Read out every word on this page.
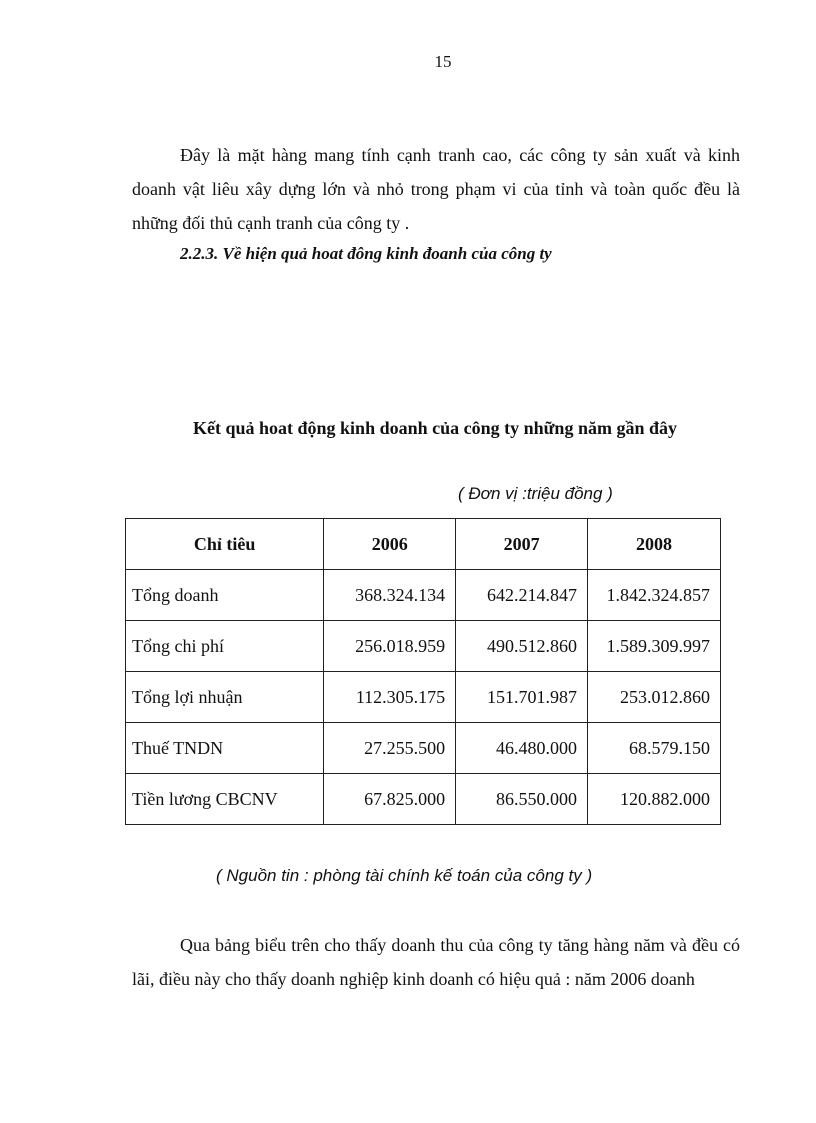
15

Đây là mặt hàng mang tính cạnh tranh cao, các công ty sản xuất và kinh doanh vật liêu xây dựng lớn và nhỏ trong phạm vi của tỉnh và toàn quốc đều là những đối thủ cạnh tranh của công ty .

2.2.3. Về hiện quả hoat đông kinh đoanh của công ty

Kết quả hoat động kinh doanh của công ty những năm gần đây

( Đơn vị :triệu đồng )
Chỉ tiêu	2006	2007	2008
Tổng doanh	368.324.134	642.214.847	1.842.324.857
Tổng chi phí	256.018.959	490.512.860	1.589.309.997
Tổng lợi nhuận	112.305.175	151.701.987	253.012.860
Thuế TNDN	27.255.500	46.480.000	68.579.150
Tiền lương CBCNV	67.825.000	86.550.000	120.882.000
( Nguồn tin : phòng tài chính kế toán của công ty )

Qua bảng biểu trên cho thấy doanh thu của công ty tăng hàng năm và đều có lãi, điều này cho thấy doanh nghiệp kinh doanh có hiệu quả : năm 2006 doanh
